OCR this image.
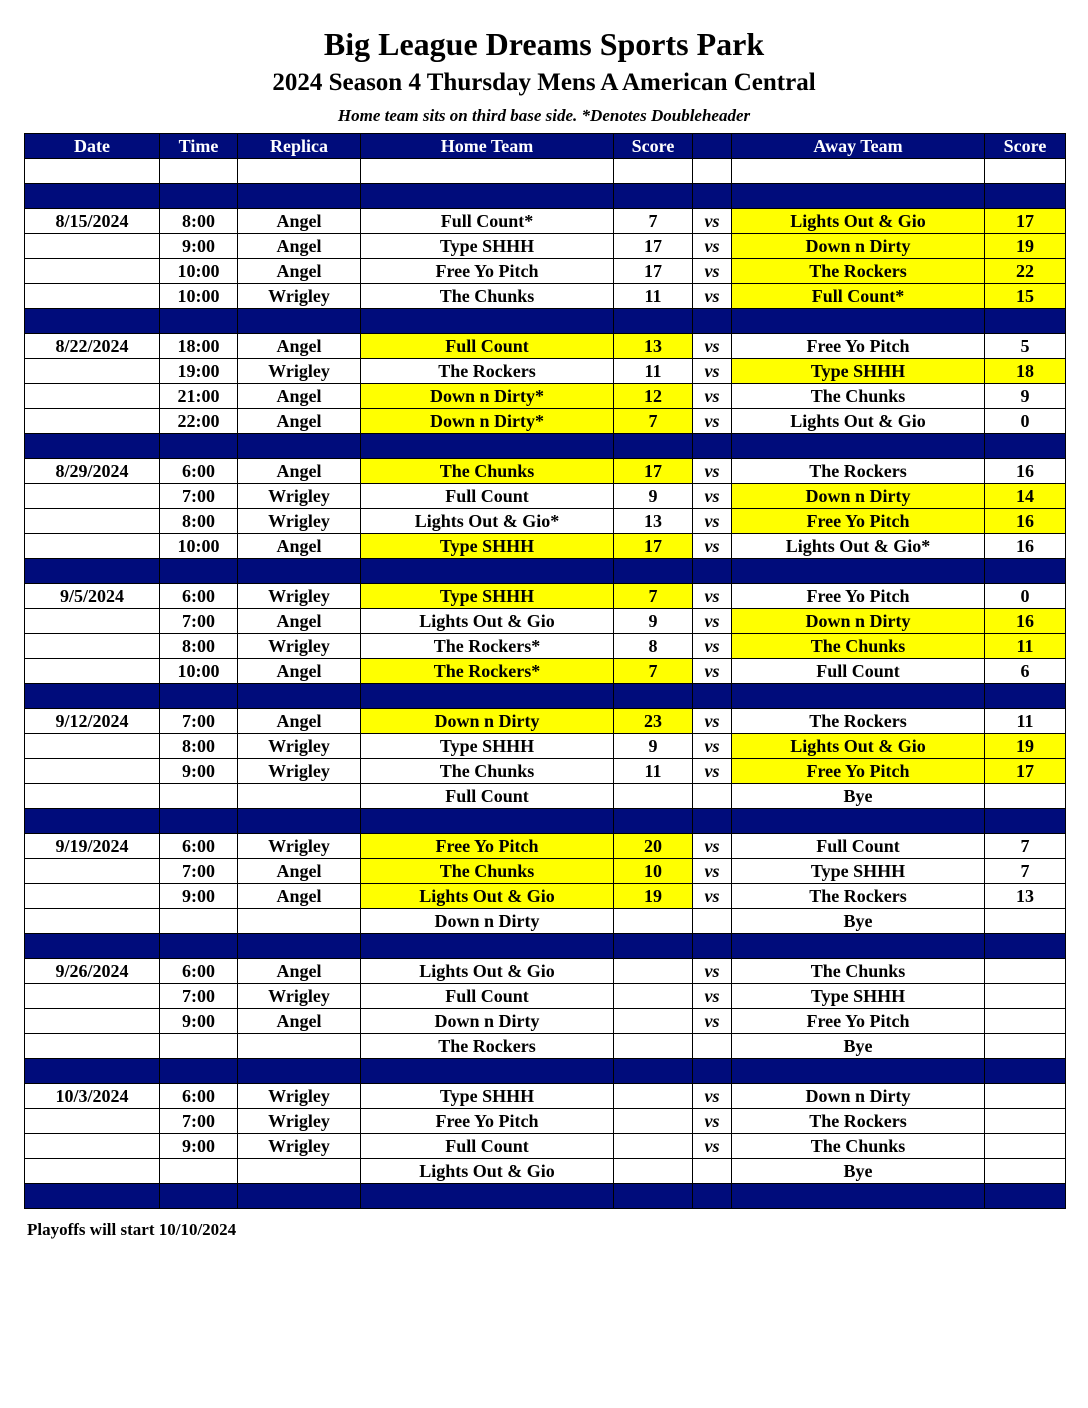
Big League Dreams Sports Park
2024 Season 4 Thursday Mens A American Central
Home team sits on third base side. *Denotes Doubleheader
Date	Time	Replica	Home Team	Score		Away Team	Score

8/15/2024	8:00	Angel	Full Count*	7	vs	Lights Out & Gio	17
	9:00	Angel	Type SHHH	17	vs	Down n Dirty	19
	10:00	Angel	Free Yo Pitch	17	vs	The Rockers	22
	10:00	Wrigley	The Chunks	11	vs	Full Count*	15

8/22/2024	18:00	Angel	Full Count	13	vs	Free Yo Pitch	5
	19:00	Wrigley	The Rockers	11	vs	Type SHHH	18
	21:00	Angel	Down n Dirty*	12	vs	The Chunks	9
	22:00	Angel	Down n Dirty*	7	vs	Lights Out & Gio	0

8/29/2024	6:00	Angel	The Chunks	17	vs	The Rockers	16
	7:00	Wrigley	Full Count	9	vs	Down n Dirty	14
	8:00	Wrigley	Lights Out & Gio*	13	vs	Free Yo Pitch	16
	10:00	Angel	Type SHHH	17	vs	Lights Out & Gio*	16

9/5/2024	6:00	Wrigley	Type SHHH	7	vs	Free Yo Pitch	0
	7:00	Angel	Lights Out & Gio	9	vs	Down n Dirty	16
	8:00	Wrigley	The Rockers*	8	vs	The Chunks	11
	10:00	Angel	The Rockers*	7	vs	Full Count	6

9/12/2024	7:00	Angel	Down n Dirty	23	vs	The Rockers	11
	8:00	Wrigley	Type SHHH	9	vs	Lights Out & Gio	19
	9:00	Wrigley	The Chunks	11	vs	Free Yo Pitch	17
			Full Count			Bye	

9/19/2024	6:00	Wrigley	Free Yo Pitch	20	vs	Full Count	7
	7:00	Angel	The Chunks	10	vs	Type SHHH	7
	9:00	Angel	Lights Out & Gio	19	vs	The Rockers	13
			Down n Dirty			Bye	

9/26/2024	6:00	Angel	Lights Out & Gio		vs	The Chunks	
	7:00	Wrigley	Full Count		vs	Type SHHH	
	9:00	Angel	Down n Dirty		vs	Free Yo Pitch	
			The Rockers			Bye	

10/3/2024	6:00	Wrigley	Type SHHH		vs	Down n Dirty	
	7:00	Wrigley	Free Yo Pitch		vs	The Rockers	
	9:00	Wrigley	Full Count		vs	The Chunks	
			Lights Out & Gio			Bye	

Playoffs will start 10/10/2024
